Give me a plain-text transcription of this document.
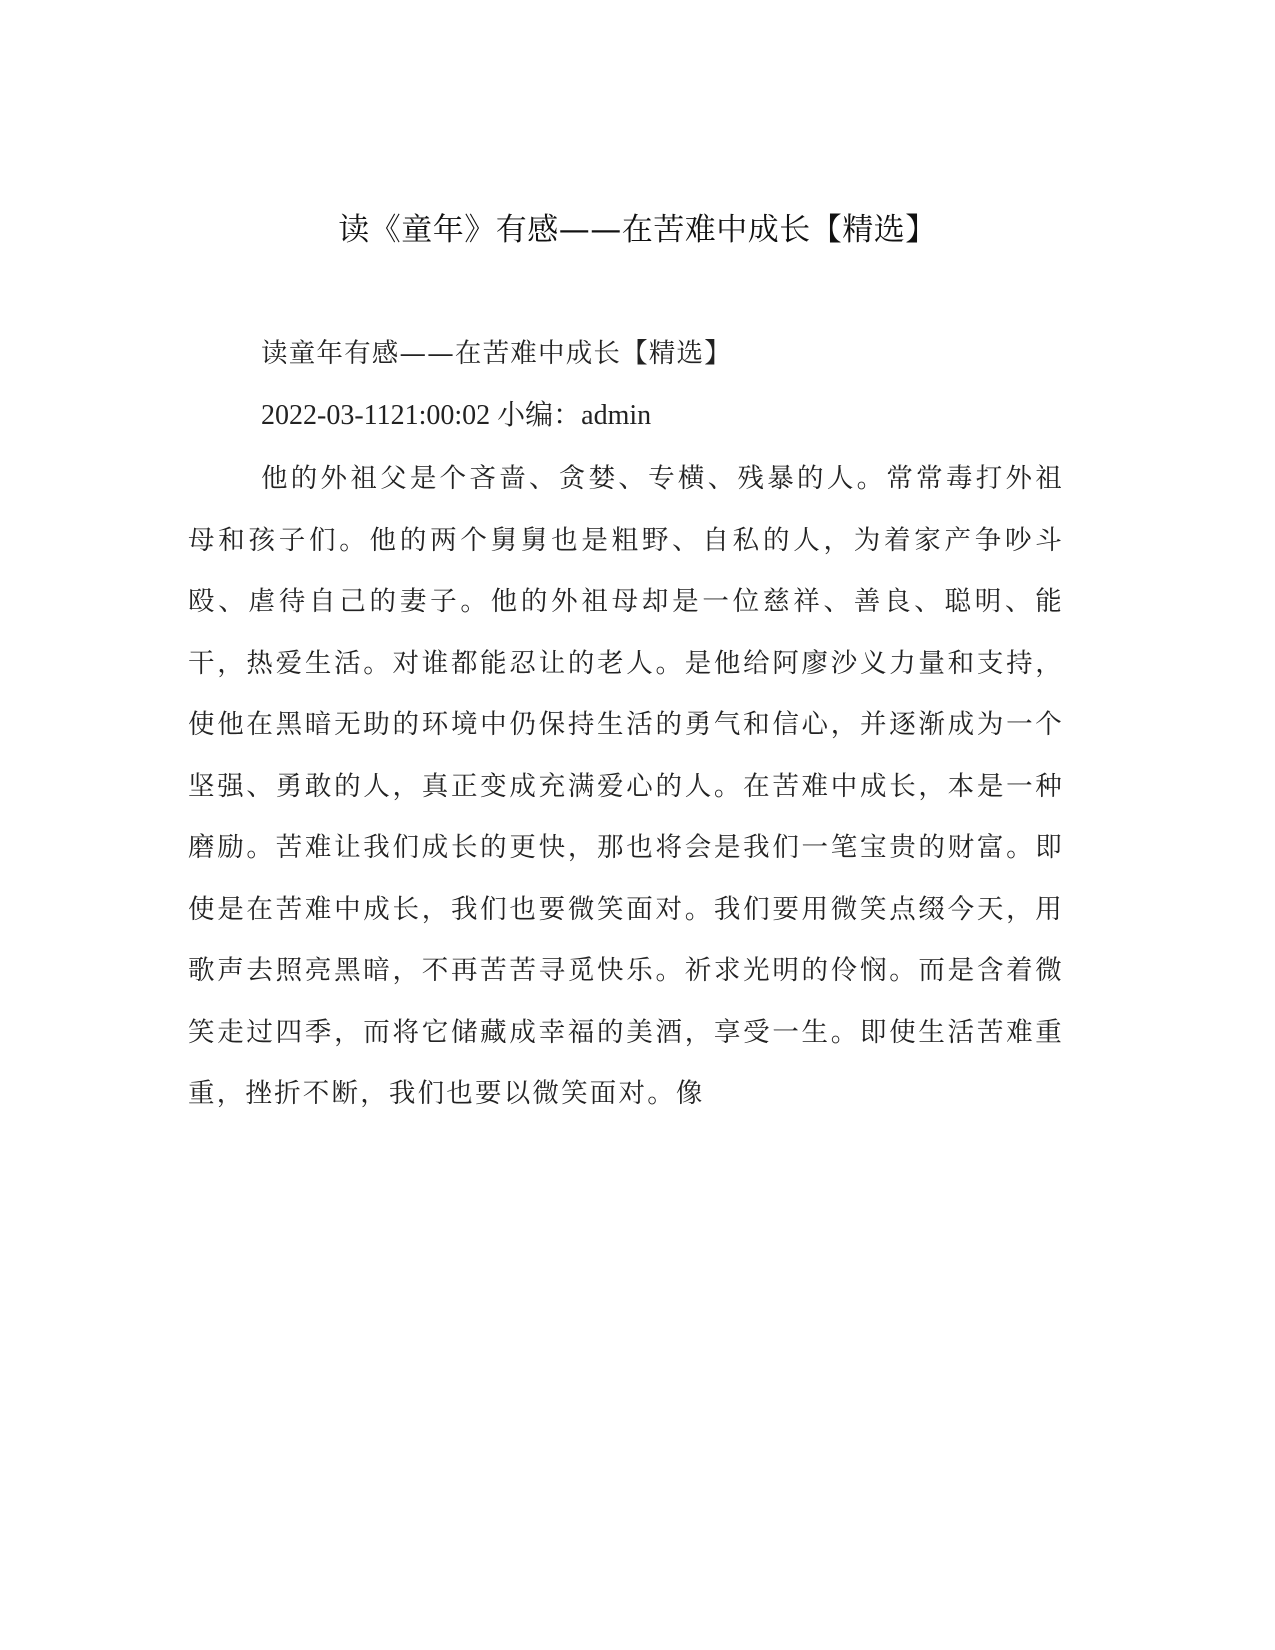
读《童年》有感——在苦难中成长【精选】

读童年有感——在苦难中成长【精选】

2022-03-1121:00:02 小编：admin

他的外祖父是个吝啬、贪婪、专横、残暴的人。常常毒打外祖母和孩子们。他的两个舅舅也是粗野、自私的人，为着家产争吵斗殴、虐待自己的妻子。他的外祖母却是一位慈祥、善良、聪明、能干，热爱生活。对谁都能忍让的老人。是他给阿廖沙义力量和支持，使他在黑暗无助的环境中仍保持生活的勇气和信心，并逐渐成为一个坚强、勇敢的人，真正变成充满爱心的人。在苦难中成长，本是一种磨励。苦难让我们成长的更快，那也将会是我们一笔宝贵的财富。即使是在苦难中成长，我们也要微笑面对。我们要用微笑点缀今天，用歌声去照亮黑暗，不再苦苦寻觅快乐。祈求光明的伶悯。而是含着微笑走过四季，而将它储藏成幸福的美酒，享受一生。即使生活苦难重重，挫折不断，我们也要以微笑面对。像
